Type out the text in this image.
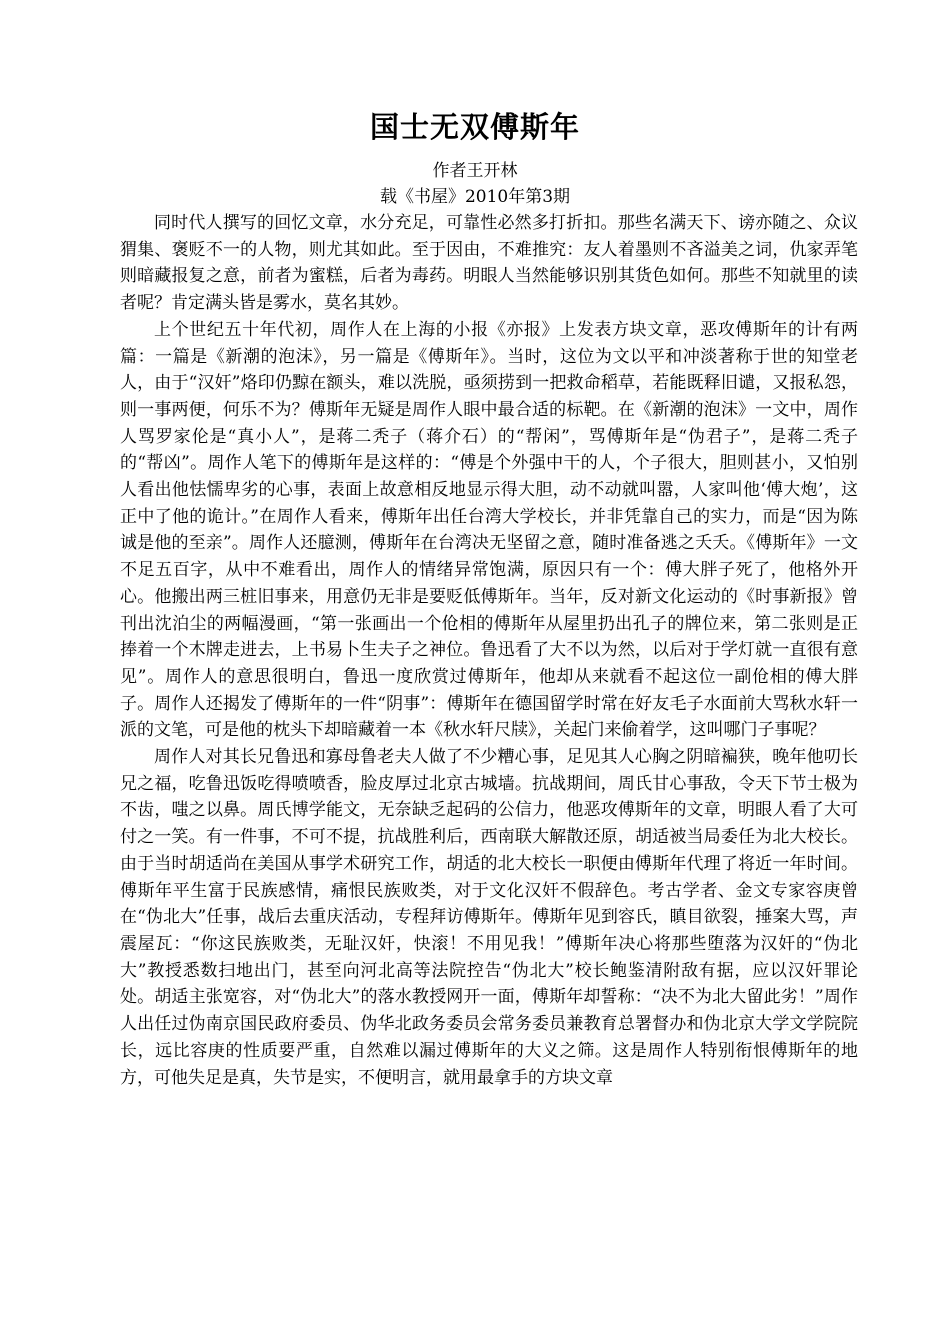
国士无双傅斯年
作者王开林
载《书屋》2010年第3期

同时代人撰写的回忆文章，水分充足，可靠性必然多打折扣。那些名满天下、谤亦随之、众议猬集、褒贬不一的人物，则尤其如此。至于因由，不难推究：友人着墨则不吝溢美之词，仇家弄笔则暗藏报复之意，前者为蜜糕，后者为毒药。明眼人当然能够识别其货色如何。那些不知就里的读者呢？肯定满头皆是雾水，莫名其妙。

上个世纪五十年代初，周作人在上海的小报《亦报》上发表方块文章，恶攻傅斯年的计有两篇：一篇是《新潮的泡沫》，另一篇是《傅斯年》。当时，这位为文以平和冲淡著称于世的知堂老人，由于“汉奸”烙印仍黥在额头，难以洗脱，亟须捞到一把救命稻草，若能既释旧谴，又报私怨，则一事两便，何乐不为？傅斯年无疑是周作人眼中最合适的标靶。在《新潮的泡沫》一文中，周作人骂罗家伦是“真小人”，是蒋二秃子（蒋介石）的“帮闲”，骂傅斯年是“伪君子”，是蒋二秃子的“帮凶”。周作人笔下的傅斯年是这样的：“傅是个外强中干的人，个子很大，胆则甚小，又怕别人看出他怯懦卑劣的心事，表面上故意相反地显示得大胆，动不动就叫嚣，人家叫他‘傅大炮’，这正中了他的诡计。”在周作人看来，傅斯年出任台湾大学校长，并非凭靠自己的实力，而是“因为陈诚是他的至亲”。周作人还臆测，傅斯年在台湾决无坚留之意，随时准备逃之夭夭。《傅斯年》一文不足五百字，从中不难看出，周作人的情绪异常饱满，原因只有一个：傅大胖子死了，他格外开心。他搬出两三桩旧事来，用意仍无非是要贬低傅斯年。当年，反对新文化运动的《时事新报》曾刊出沈泊尘的两幅漫画，“第一张画出一个伧相的傅斯年从屋里扔出孔子的牌位来，第二张则是正捧着一个木牌走进去，上书易卜生夫子之神位。鲁迅看了大不以为然，以后对于学灯就一直很有意见”。周作人的意思很明白，鲁迅一度欣赏过傅斯年，他却从来就看不起这位一副伧相的傅大胖子。周作人还揭发了傅斯年的一件“阴事”：傅斯年在德国留学时常在好友毛子水面前大骂秋水轩一派的文笔，可是他的枕头下却暗藏着一本《秋水轩尺牍》，关起门来偷着学，这叫哪门子事呢？

周作人对其长兄鲁迅和寡母鲁老夫人做了不少糟心事，足见其人心胸之阴暗褊狭，晚年他叨长兄之福，吃鲁迅饭吃得喷喷香，脸皮厚过北京古城墙。抗战期间，周氏甘心事敌，令天下节士极为不齿，嗤之以鼻。周氏博学能文，无奈缺乏起码的公信力，他恶攻傅斯年的文章，明眼人看了大可付之一笑。有一件事，不可不提，抗战胜利后，西南联大解散还原，胡适被当局委任为北大校长。由于当时胡适尚在美国从事学术研究工作，胡适的北大校长一职便由傅斯年代理了将近一年时间。傅斯年平生富于民族感情，痛恨民族败类，对于文化汉奸不假辞色。考古学者、金文专家容庚曾在“伪北大”任事，战后去重庆活动，专程拜访傅斯年。傅斯年见到容氏，瞋目欲裂，捶案大骂，声震屋瓦：“你这民族败类，无耻汉奸，快滚！不用见我！”傅斯年决心将那些堕落为汉奸的“伪北大”教授悉数扫地出门，甚至向河北高等法院控告“伪北大”校长鲍鉴清附敌有据，应以汉奸罪论处。胡适主张宽容，对“伪北大”的落水教授网开一面，傅斯年却誓称：“决不为北大留此劣！”周作人出任过伪南京国民政府委员、伪华北政务委员会常务委员兼教育总署督办和伪北京大学文学院院长，远比容庚的性质要严重，自然难以漏过傅斯年的大义之筛。这是周作人特别衔恨傅斯年的地方，可他失足是真，失节是实，不便明言，就用最拿手的方块文章
